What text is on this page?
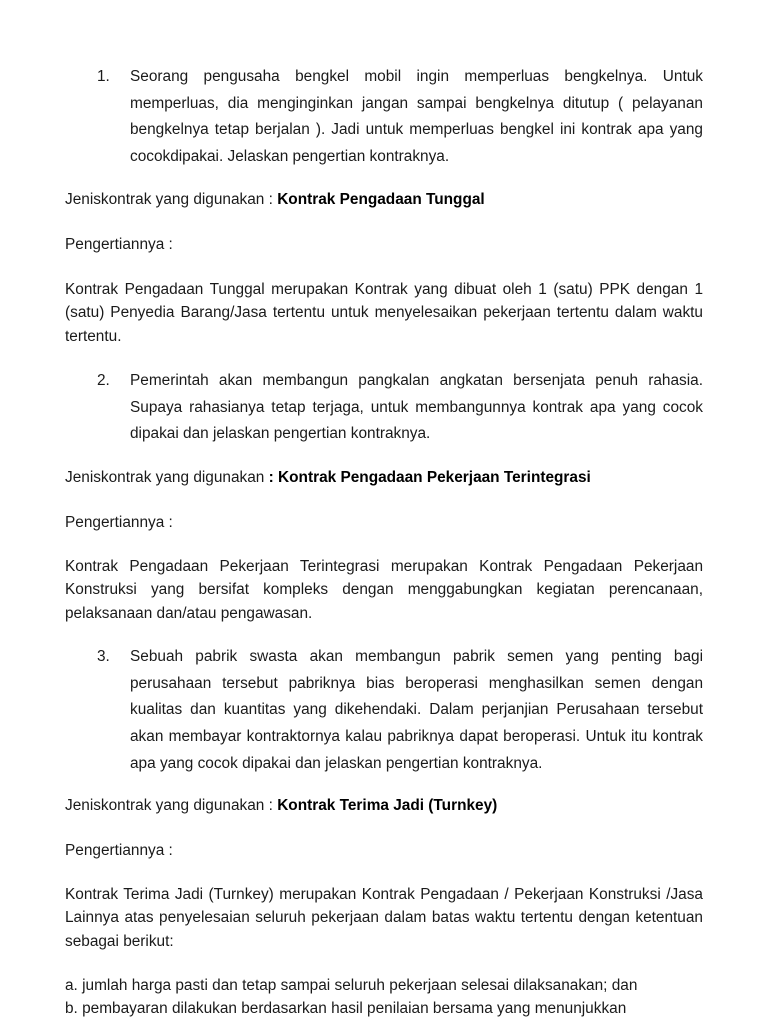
1. Seorang pengusaha bengkel mobil ingin memperluas bengkelnya. Untuk memperluas, dia menginginkan jangan sampai bengkelnya ditutup ( pelayanan bengkelnya tetap berjalan ). Jadi untuk memperluas bengkel ini kontrak apa yang cocokdipakai. Jelaskan pengertian kontraknya.
Jeniskontrak yang digunakan : Kontrak Pengadaan Tunggal
Pengertiannya :
Kontrak Pengadaan Tunggal merupakan Kontrak yang dibuat oleh 1 (satu) PPK dengan 1 (satu) Penyedia Barang/Jasa tertentu untuk menyelesaikan pekerjaan tertentu dalam waktu tertentu.
2. Pemerintah akan membangun pangkalan angkatan bersenjata penuh rahasia. Supaya rahasianya tetap terjaga, untuk membangunnya kontrak apa yang cocok dipakai dan jelaskan pengertian kontraknya.
Jeniskontrak yang digunakan : Kontrak Pengadaan Pekerjaan Terintegrasi
Pengertiannya :
Kontrak Pengadaan Pekerjaan Terintegrasi merupakan Kontrak Pengadaan Pekerjaan Konstruksi yang bersifat kompleks dengan menggabungkan kegiatan perencanaan, pelaksanaan dan/atau pengawasan.
3. Sebuah pabrik swasta akan membangun pabrik semen yang penting bagi perusahaan tersebut pabriknya bias beroperasi menghasilkan semen dengan kualitas dan kuantitas yang dikehendaki. Dalam perjanjian Perusahaan tersebut akan membayar kontraktornya kalau pabriknya dapat beroperasi. Untuk itu kontrak apa yang cocok dipakai dan jelaskan pengertian kontraknya.
Jeniskontrak yang digunakan : Kontrak Terima Jadi (Turnkey)
Pengertiannya :
Kontrak Terima Jadi (Turnkey) merupakan Kontrak Pengadaan / Pekerjaan Konstruksi /Jasa Lainnya atas penyelesaian seluruh pekerjaan dalam batas waktu tertentu dengan ketentuan sebagai berikut:
a. jumlah harga pasti dan tetap sampai seluruh pekerjaan selesai dilaksanakan; dan
b. pembayaran dilakukan berdasarkan hasil penilaian bersama yang menunjukkan
